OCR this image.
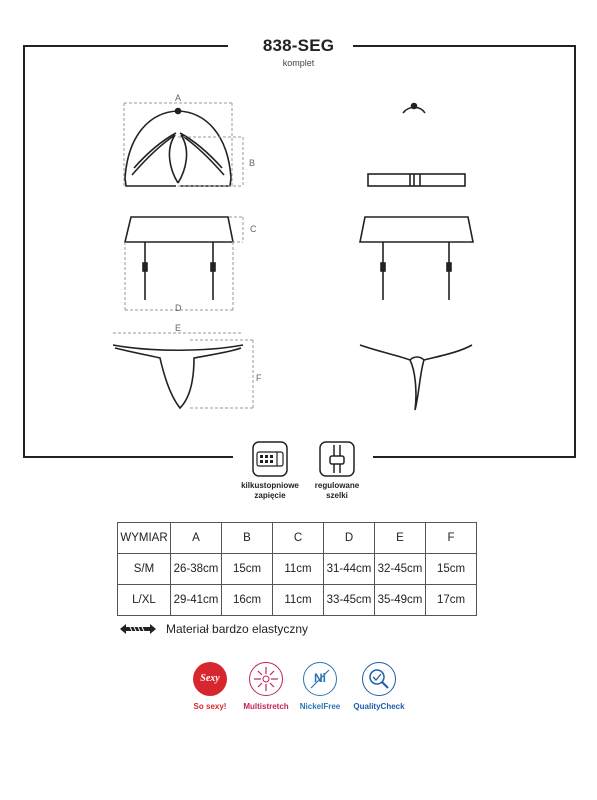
838-SEG
komplet
A
B
C
D
E
F
kilkustopniowe
zapięcie
regulowane
szelki
WYMIAR	A	B	C	D	E	F
S/M	26-38cm	15cm	11cm	31-44cm	32-45cm	15cm
L/XL	29-41cm	16cm	11cm	33-45cm	35-49cm	17cm
Materiał bardzo elastyczny
Sexy
So sexy!	Multistretch
Ni
NickelFree	QualityCheck
